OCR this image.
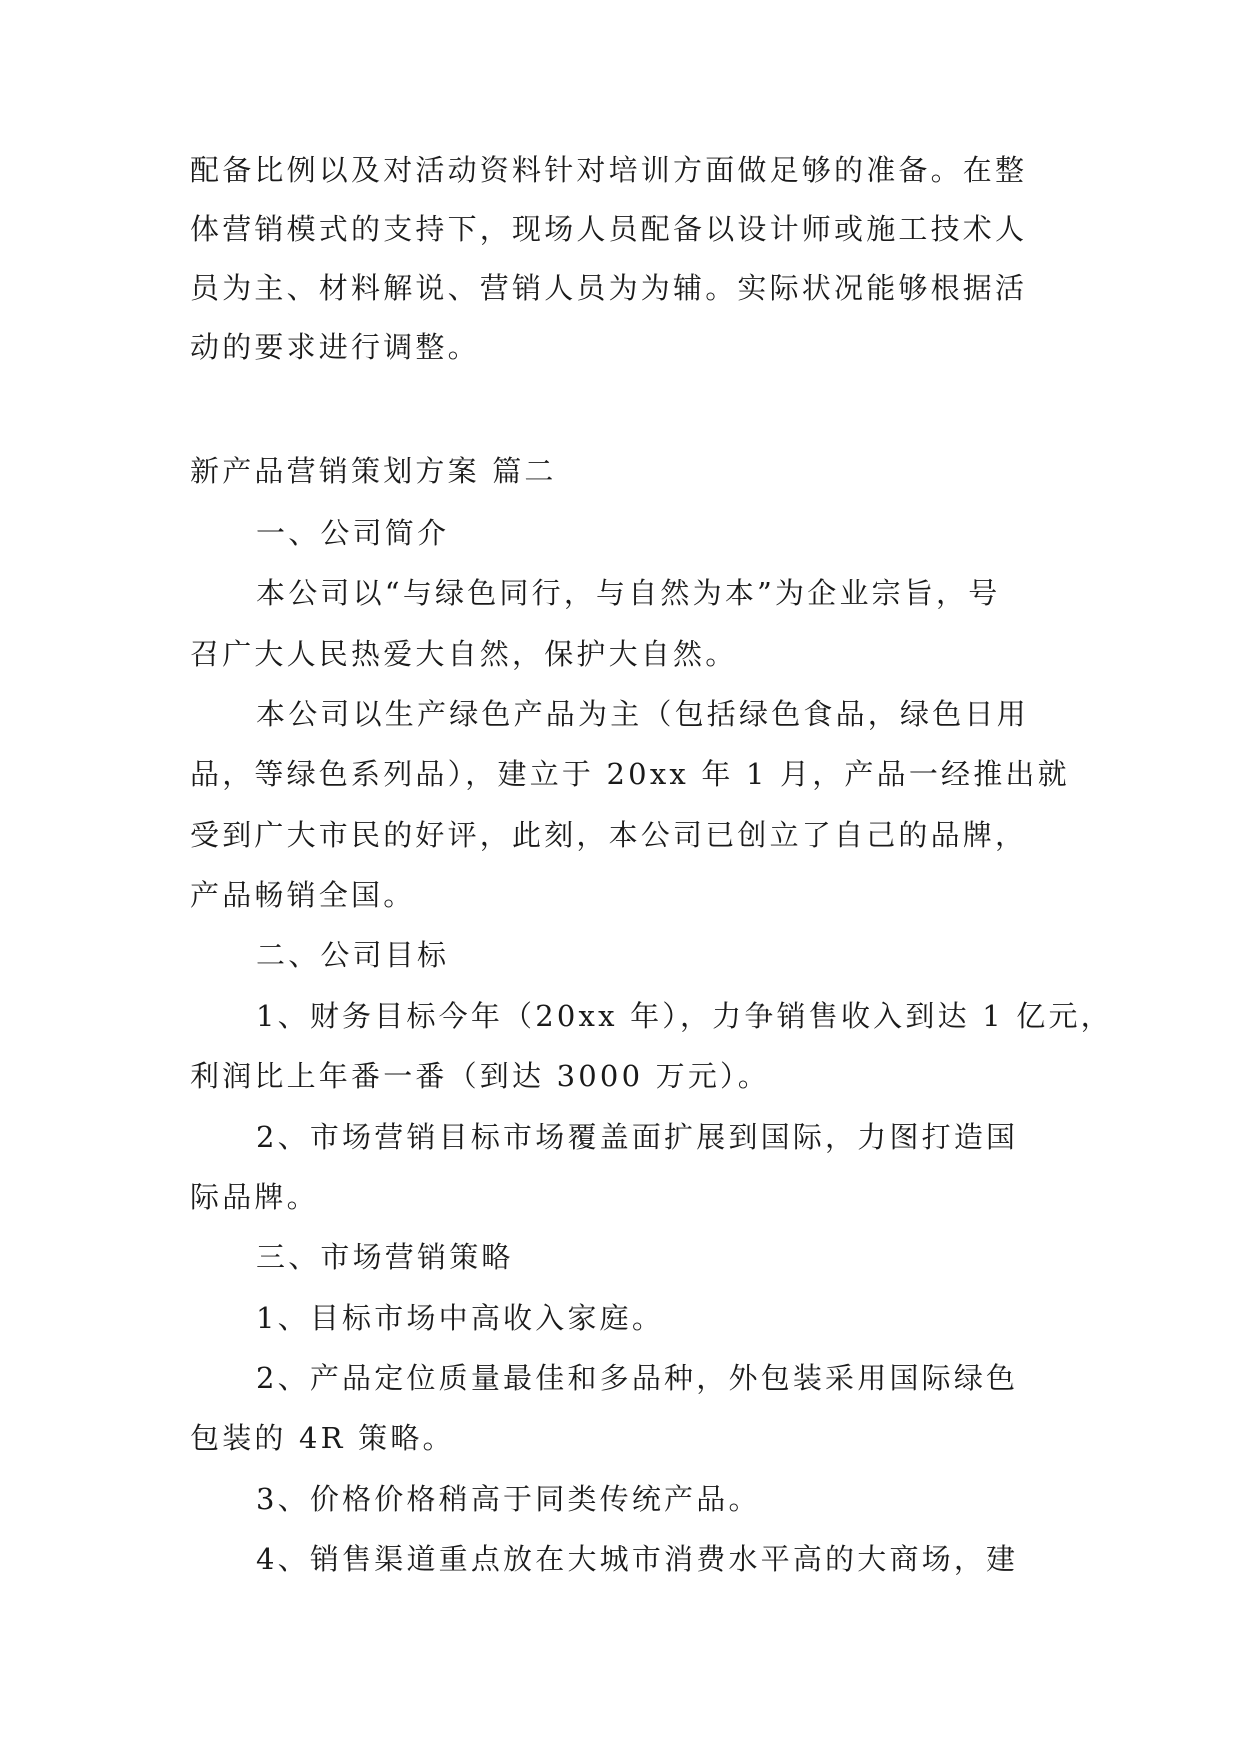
配备比例以及对活动资料针对培训方面做足够的准备。在整
体营销模式的支持下，现场人员配备以设计师或施工技术人
员为主、材料解说、营销人员为为辅。实际状况能够根据活
动的要求进行调整。
新产品营销策划方案 篇二
一、公司简介
本公司以“与绿色同行，与自然为本”为企业宗旨，号
召广大人民热爱大自然，保护大自然。
本公司以生产绿色产品为主（包括绿色食品，绿色日用
品，等绿色系列品），建立于 20xx 年 1 月，产品一经推出就
受到广大市民的好评，此刻，本公司已创立了自己的品牌，
产品畅销全国。
二、公司目标
1、财务目标今年（20xx 年），力争销售收入到达 1 亿元，
利润比上年番一番（到达 3000 万元）。
2、市场营销目标市场覆盖面扩展到国际，力图打造国
际品牌。
三、市场营销策略
1、目标市场中高收入家庭。
2、产品定位质量最佳和多品种，外包装采用国际绿色
包装的 4R 策略。
3、价格价格稍高于同类传统产品。
4、销售渠道重点放在大城市消费水平高的大商场，建
